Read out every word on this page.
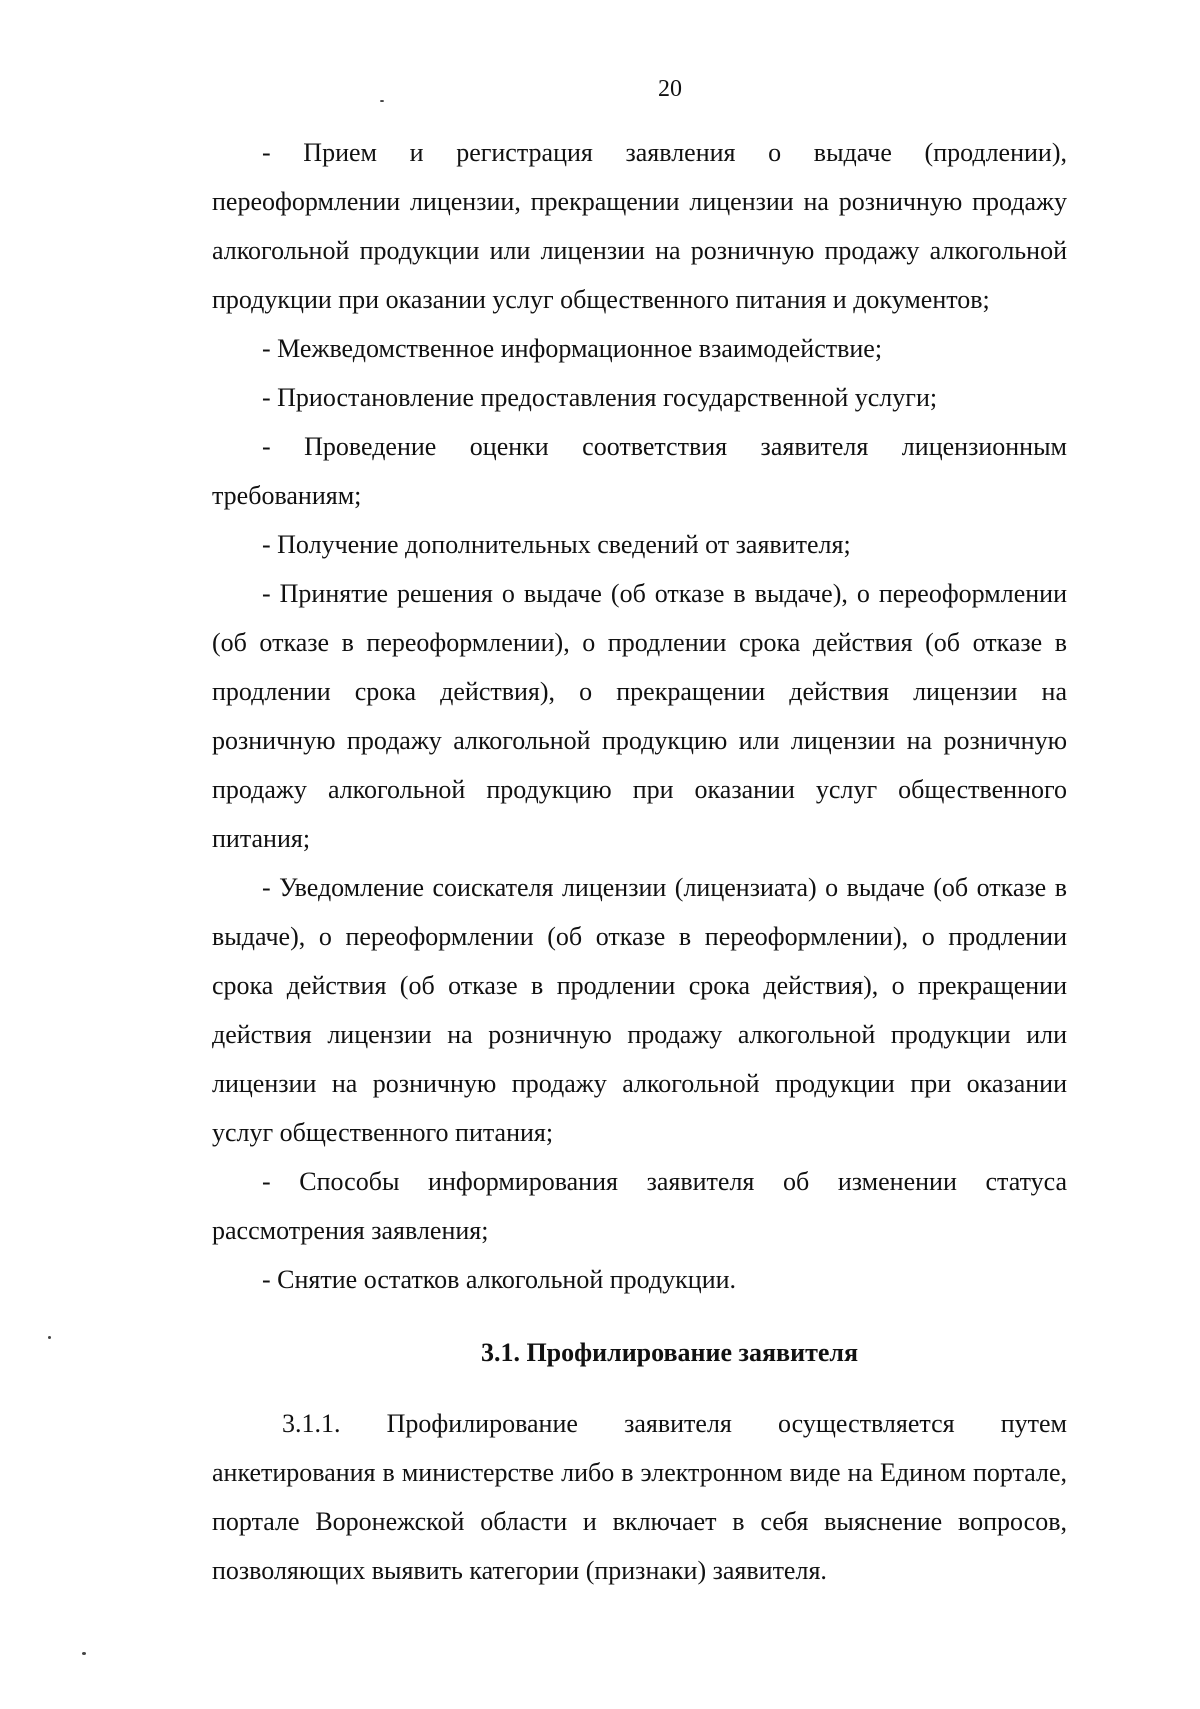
20

-    Прием    и    регистрация    заявления    о    выдаче    (продлении), переоформлении лицензии, прекращении лицензии на розничную продажу алкогольной продукции или лицензии на розничную продажу алкогольной продукции при оказании услуг общественного питания и документов;

- Межведомственное информационное взаимодействие;

- Приостановление предоставления государственной услуги;

- Проведение оценки соответствия заявителя лицензионным требованиям;

- Получение дополнительных сведений от заявителя;

- Принятие решения о выдаче (об отказе в выдаче), о переоформлении (об отказе в переоформлении), о продлении срока действия (об отказе в продлении срока действия), о прекращении действия лицензии на розничную продажу алкогольной продукцию или лицензии на розничную продажу алкогольной продукцию при оказании услуг общественного питания;

- Уведомление соискателя лицензии (лицензиата) о выдаче (об отказе в выдаче), о переоформлении (об отказе в переоформлении), о продлении срока действия (об отказе в продлении срока действия), о прекращении действия лицензии на розничную продажу алкогольной продукции или лицензии на розничную продажу алкогольной продукции при оказании услуг общественного питания;

-    Способы    информирования    заявителя    об    изменении    статуса рассмотрения заявления;

- Снятие остатков алкогольной продукции.

3.1. Профилирование заявителя

3.1.1. Профилирование заявителя осуществляется путем анкетирования в министерстве либо в электронном виде на Едином портале, портале Воронежской области и включает в себя выяснение вопросов, позволяющих выявить категории (признаки) заявителя.
